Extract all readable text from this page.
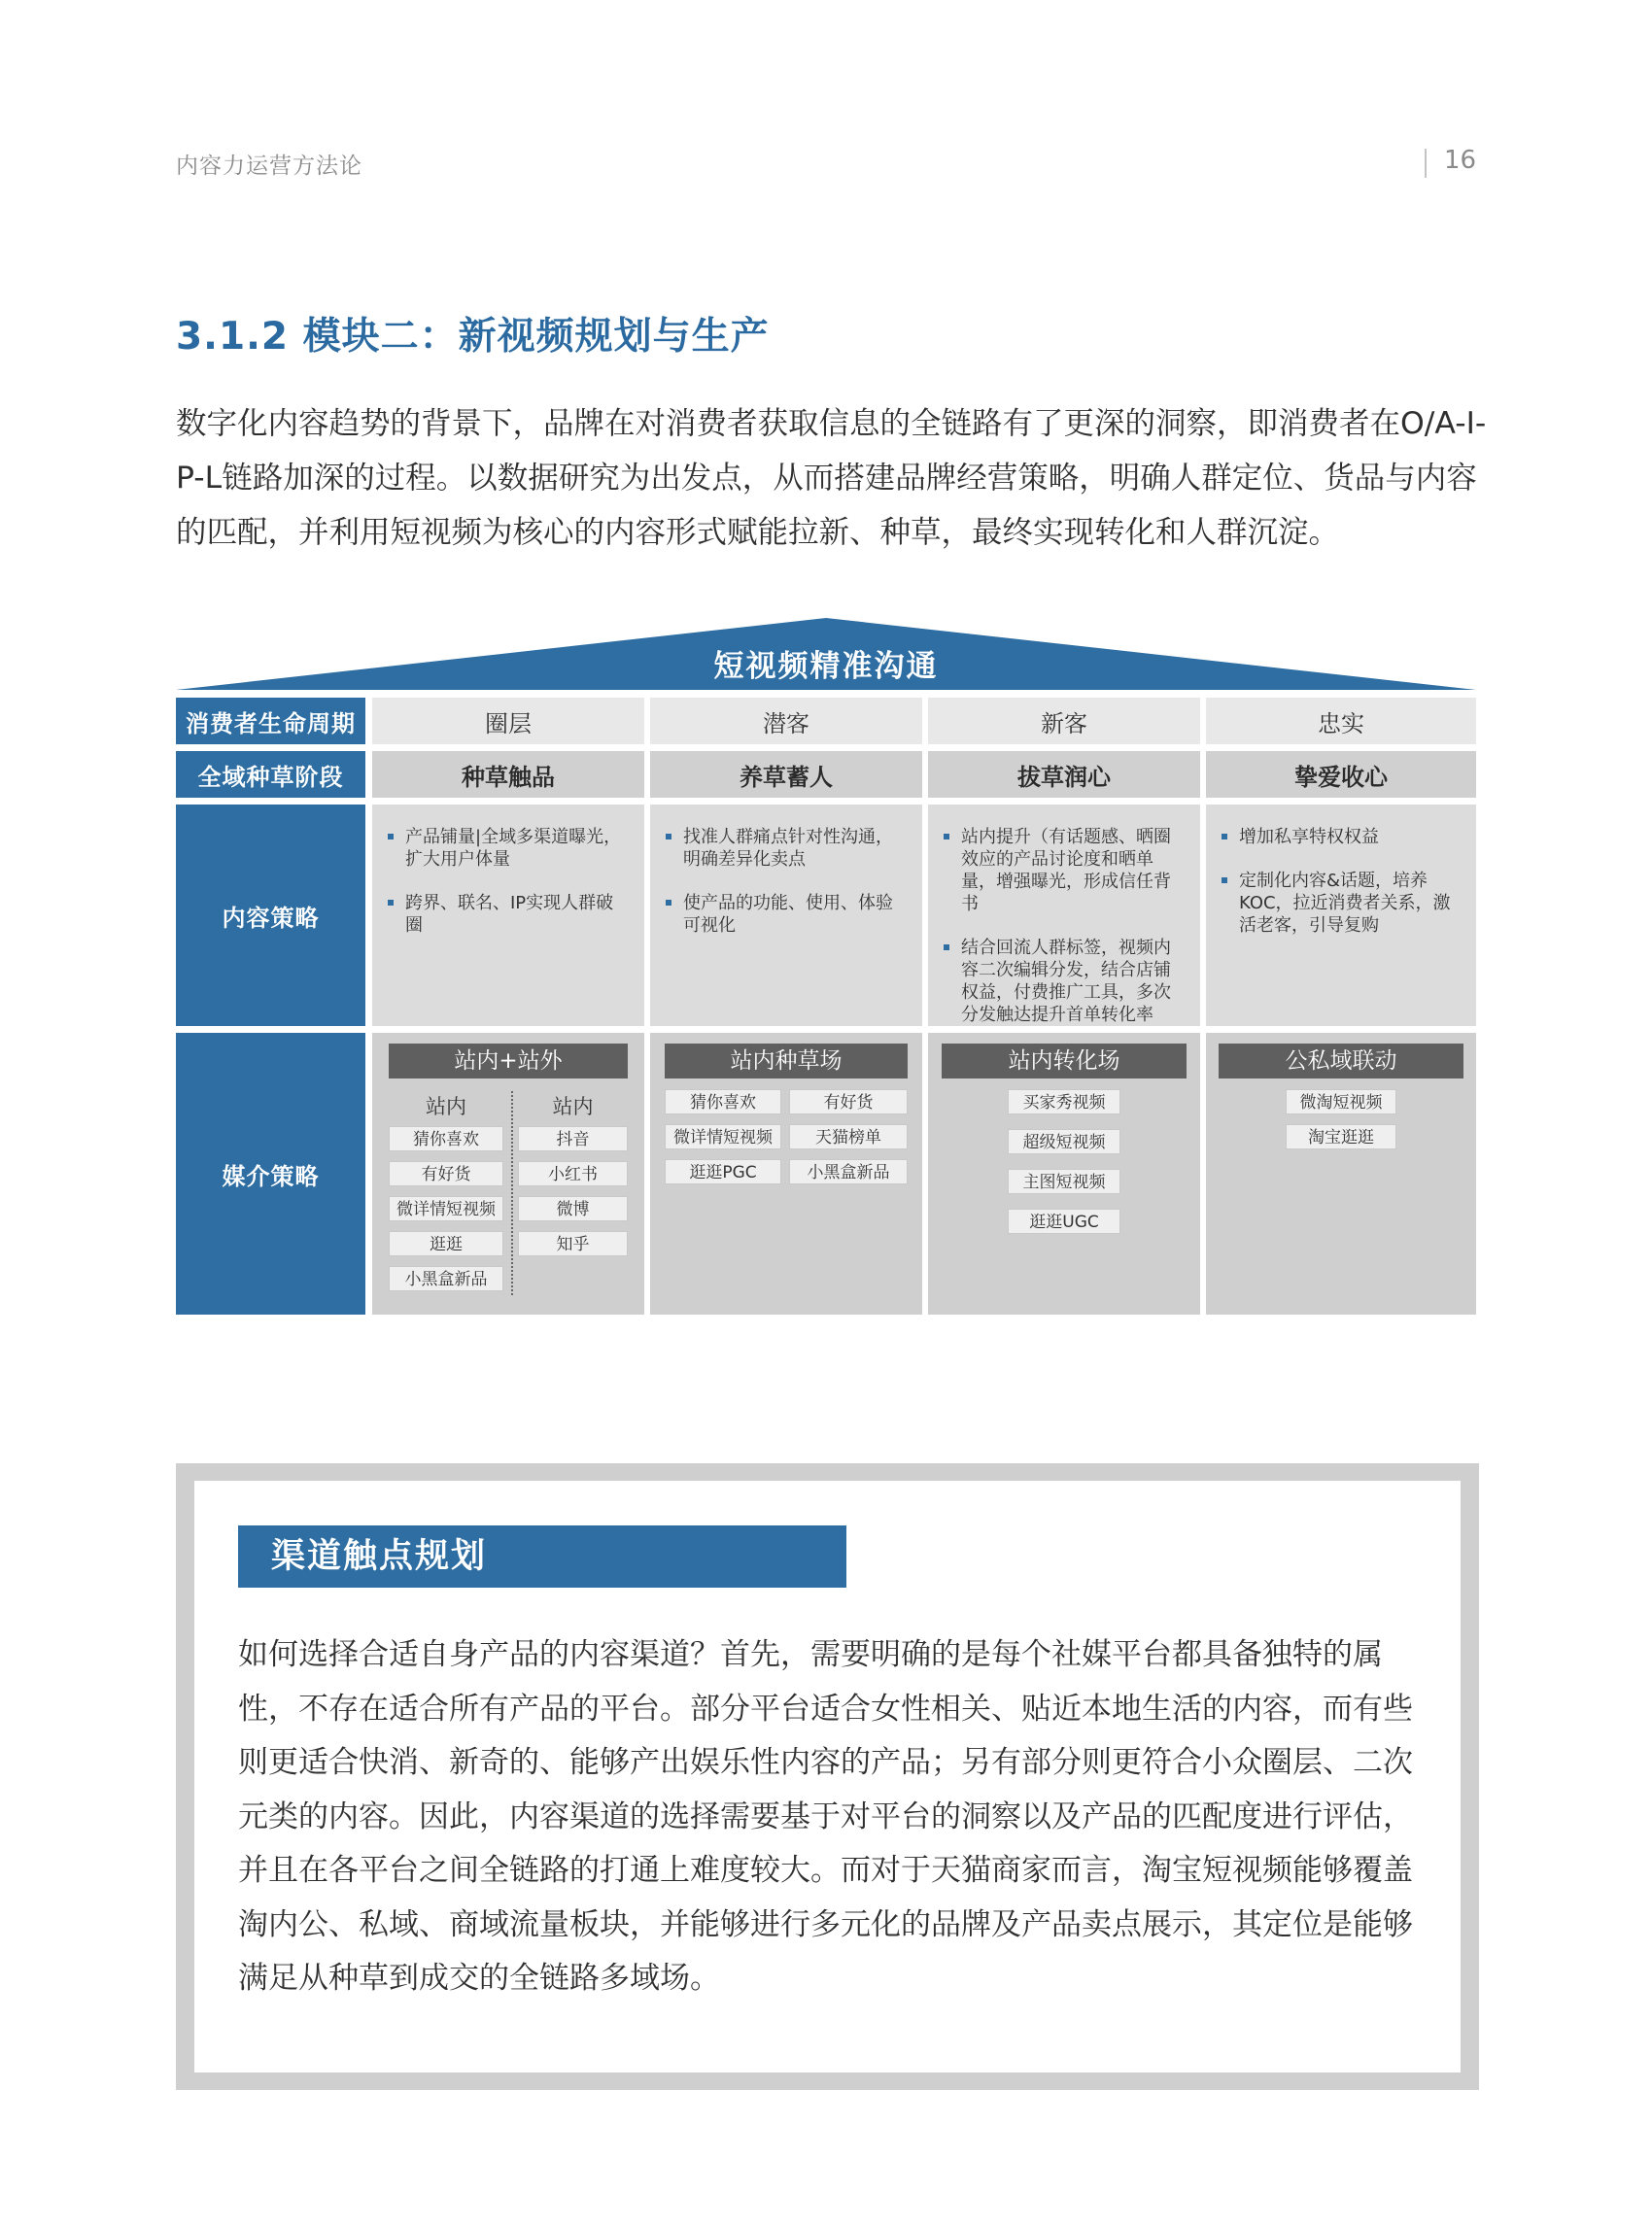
内容力运营方法论	16
3.1.2 模块二：新视频规划与生产
数字化内容趋势的背景下，品牌在对消费者获取信息的全链路有了更深的洞察，即消费者在O/A-I-P-L链路加深的过程。以数据研究为出发点，从而搭建品牌经营策略，明确人群定位、货品与内容的匹配，并利用短视频为核心的内容形式赋能拉新、种草，最终实现转化和人群沉淀。
短视频精准沟通
消费者生命周期
全域种草阶段
内容策略
媒介策略
圈层
种草触品
产品铺量|全域多渠道曝光，扩大用户体量
跨界、联名、IP实现人群破圈
站内+站外
站内	站内
猜你喜欢
有好货
微详情短视频
逛逛
小黑盒新品
抖音
小红书
微博
知乎
潜客
养草蓄人
找准人群痛点针对性沟通，明确差异化卖点
使产品的功能、使用、体验可视化
站内种草场
猜你喜欢
微详情短视频
逛逛PGC
有好货
天猫榜单
小黑盒新品
新客
拔草润心
站内提升（有话题感、晒圈效应的产品讨论度和晒单量，增强曝光，形成信任背书
结合回流人群标签，视频内容二次编辑分发，结合店铺权益，付费推广工具，多次分发触达提升首单转化率
站内转化场
买家秀视频
超级短视频
主图短视频
逛逛UGC
忠实
挚爱收心
增加私享特权权益
定制化内容&话题，培养KOC，拉近消费者关系，激活老客，引导复购
公私域联动
微淘短视频
淘宝逛逛
渠道触点规划
如何选择合适自身产品的内容渠道？首先，需要明确的是每个社媒平台都具备独特的属性，不存在适合所有产品的平台。部分平台适合女性相关、贴近本地生活的内容，而有些则更适合快消、新奇的、能够产出娱乐性内容的产品；另有部分则更符合小众圈层、二次元类的内容。因此，内容渠道的选择需要基于对平台的洞察以及产品的匹配度进行评估，并且在各平台之间全链路的打通上难度较大。而对于天猫商家而言，淘宝短视频能够覆盖淘内公、私域、商域流量板块，并能够进行多元化的品牌及产品卖点展示，其定位是能够满足从种草到成交的全链路多域场。
